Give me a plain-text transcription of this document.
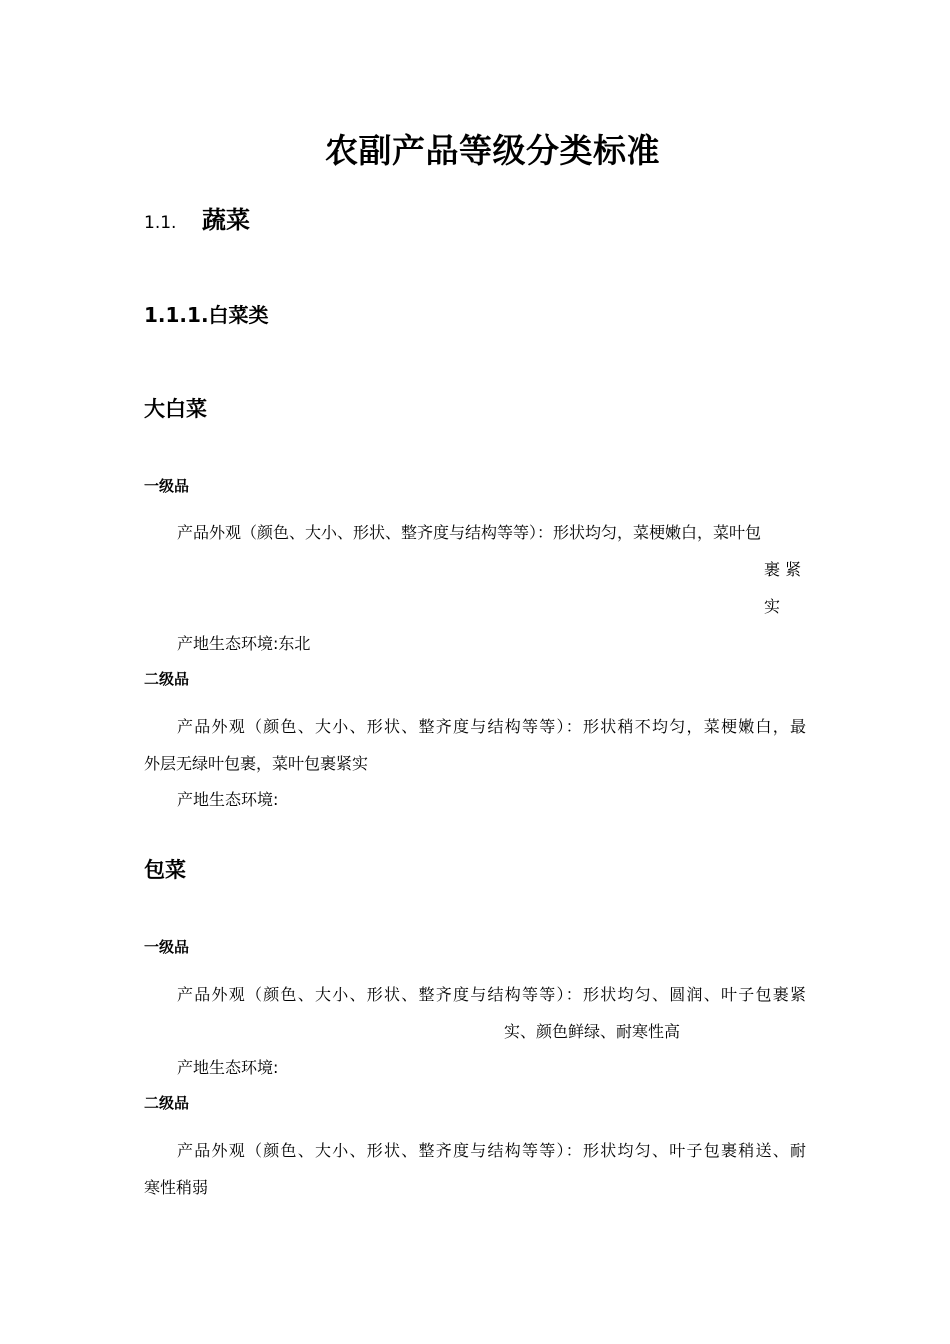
农副产品等级分类标准
1.1. 蔬菜
1.1.1.白菜类
大白菜
一级品
产品外观（颜色、大小、形状、整齐度与结构等等）：形状均匀，菜梗嫩白，菜叶包
裹 紧
实
产地生态环境:东北
二级品
产品外观（颜色、大小、形状、整齐度与结构等等）：形状稍不均匀，菜梗嫩白，最
外层无绿叶包裹，菜叶包裹紧实
产地生态环境:
包菜
一级品
产品外观（颜色、大小、形状、整齐度与结构等等）：形状均匀、圆润、叶子包裹紧
实、颜色鲜绿、耐寒性高
产地生态环境:
二级品
产品外观（颜色、大小、形状、整齐度与结构等等）：形状均匀、叶子包裹稍送、耐
寒性稍弱
